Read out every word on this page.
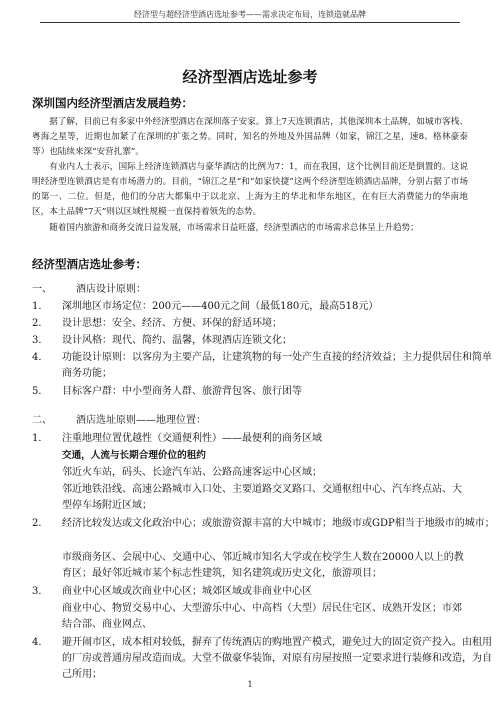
经济型与超经济型酒店选址参考——需求决定布局，连锁造就品牌
经济型酒店选址参考
深圳国内经济型酒店发展趋势：
据了解，目前已有多家中外经济型酒店在深圳落子安家。算上7天连锁酒店，其他深圳本土品牌，如城市客栈、粤海之星等，近期也加紧了在深圳的扩张之势。同时，知名的外地及外国品牌（如家，锦江之星，速8、格林豪泰等）也陆续来深“安营扎寨”。
有业内人士表示，国际上经济连锁酒店与豪华酒店的比例为7：1，而在我国，这个比例目前还是倒置的。这说明经济型连锁酒店是有市场潜力的。目前，“锦江之星”和“如家快捷”这两个经济型连锁酒店品牌，分别占据了市场的第一、二位。但是，他们的分店大都集中于以北京、上海为主的华北和华东地区，在有巨大消费能力的华南地区，本土品牌“7天”则以区域性规模一直保持着领先的态势。
随着国内旅游和商务交流日益发展，市场需求日益旺盛，经济型酒店的市场需求总体呈上升趋势；
经济型酒店选址参考：
一、 酒店设计原则：
1． 深圳地区市场定位：200元——400元之间（最低180元，最高518元）
2． 设计思想：安全、经济、方便、环保的舒适环境；
3． 设计风格：现代、简约、温馨，体现酒店连锁文化；
4． 功能设计原则：以客房为主要产品，让建筑物的每一处产生直接的经济效益；主力提供居住和简单商务功能；
5． 目标客户群：中小型商务人群、旅游背包客、旅行团等
二、 酒店选址原则——地理位置：
1． 注重地理位置优越性（交通便利性）——最便利的商务区域
交通，人流与长期合理价位的租约
邻近火车站，码头、长途汽车站、公路高速客运中心区域；
邻近地铁沿线、高速公路城市入口处、主要道路交叉路口、交通枢纽中心、汽车终点站、大型停车场附近区域；
2． 经济比较发达或文化政治中心；或旅游资源丰富的大中城市；地级市或GDP相当于地级市的城市；
市级商务区、会展中心、交通中心、邻近城市知名大学或在校学生人数在20000人以上的教育区；最好邻近城市某个标志性建筑，知名建筑或历史文化，旅游项目；
3． 商业中心区域或次商业中心区；城郊区域或非商业中心区
商业中心、物贸交易中心、大型游乐中心、中高档（大型）居民住宅区、成熟开发区；市郊结合部、商业网点、
4． 避开闹市区，成本相对较低，摒弃了传统酒店的购地置产模式，避免过大的固定资产投入。由租用的厂房或普通房屋改造而成。大堂不做豪华装饰，对原有房屋按照一定要求进行装修和改造，为自己所用；
1
